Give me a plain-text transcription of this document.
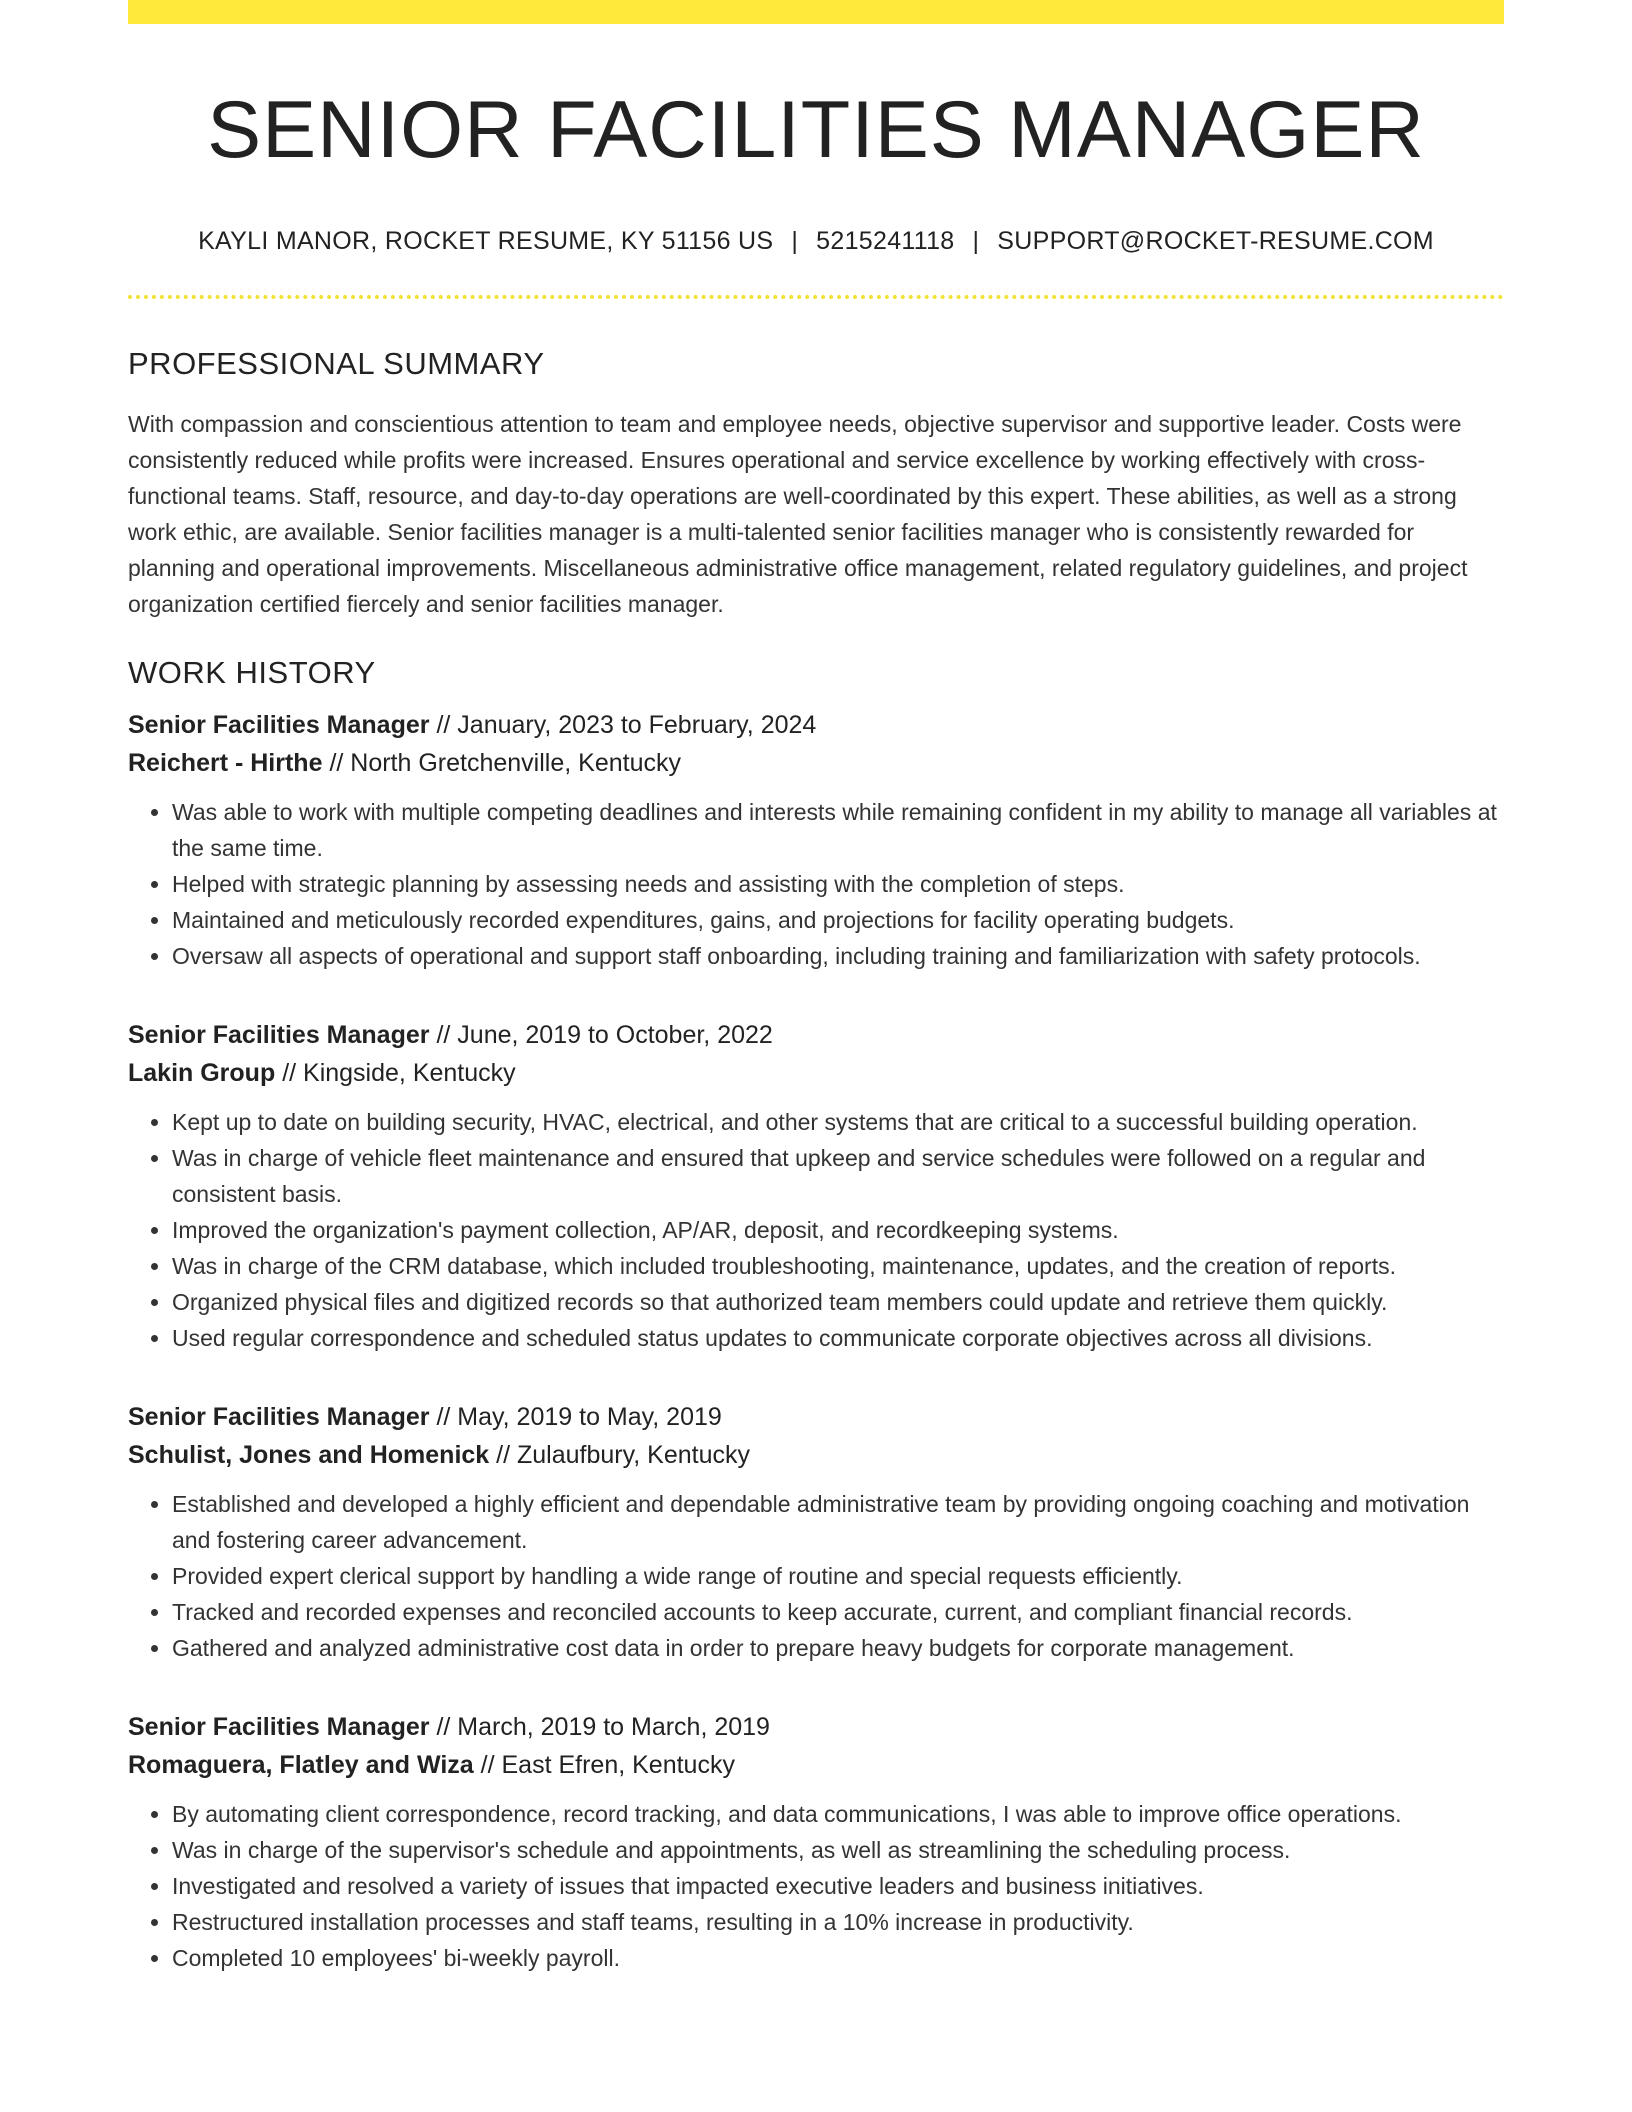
SENIOR FACILITIES MANAGER
KAYLI MANOR, ROCKET RESUME, KY 51156 US | 5215241118 | SUPPORT@ROCKET-RESUME.COM
PROFESSIONAL SUMMARY

With compassion and conscientious attention to team and employee needs, objective supervisor and supportive leader. Costs were consistently reduced while profits were increased. Ensures operational and service excellence by working effectively with cross-functional teams. Staff, resource, and day-to-day operations are well-coordinated by this expert. These abilities, as well as a strong work ethic, are available. Senior facilities manager is a multi-talented senior facilities manager who is consistently rewarded for planning and operational improvements. Miscellaneous administrative office management, related regulatory guidelines, and project organization certified fiercely and senior facilities manager.

WORK HISTORY
Senior Facilities Manager // January, 2023 to February, 2024
Reichert - Hirthe // North Gretchenville, Kentucky
• Was able to work with multiple competing deadlines and interests while remaining confident in my ability to manage all variables at the same time.
• Helped with strategic planning by assessing needs and assisting with the completion of steps.
• Maintained and meticulously recorded expenditures, gains, and projections for facility operating budgets.
• Oversaw all aspects of operational and support staff onboarding, including training and familiarization with safety protocols.
Senior Facilities Manager // June, 2019 to October, 2022
Lakin Group // Kingside, Kentucky
• Kept up to date on building security, HVAC, electrical, and other systems that are critical to a successful building operation.
• Was in charge of vehicle fleet maintenance and ensured that upkeep and service schedules were followed on a regular and consistent basis.
• Improved the organization's payment collection, AP/AR, deposit, and recordkeeping systems.
• Was in charge of the CRM database, which included troubleshooting, maintenance, updates, and the creation of reports.
• Organized physical files and digitized records so that authorized team members could update and retrieve them quickly.
• Used regular correspondence and scheduled status updates to communicate corporate objectives across all divisions.
Senior Facilities Manager // May, 2019 to May, 2019
Schulist, Jones and Homenick // Zulaufbury, Kentucky
• Established and developed a highly efficient and dependable administrative team by providing ongoing coaching and motivation and fostering career advancement.
• Provided expert clerical support by handling a wide range of routine and special requests efficiently.
• Tracked and recorded expenses and reconciled accounts to keep accurate, current, and compliant financial records.
• Gathered and analyzed administrative cost data in order to prepare heavy budgets for corporate management.
Senior Facilities Manager // March, 2019 to March, 2019
Romaguera, Flatley and Wiza // East Efren, Kentucky
• By automating client correspondence, record tracking, and data communications, I was able to improve office operations.
• Was in charge of the supervisor's schedule and appointments, as well as streamlining the scheduling process.
• Investigated and resolved a variety of issues that impacted executive leaders and business initiatives.
• Restructured installation processes and staff teams, resulting in a 10% increase in productivity.
• Completed 10 employees' bi-weekly payroll.
